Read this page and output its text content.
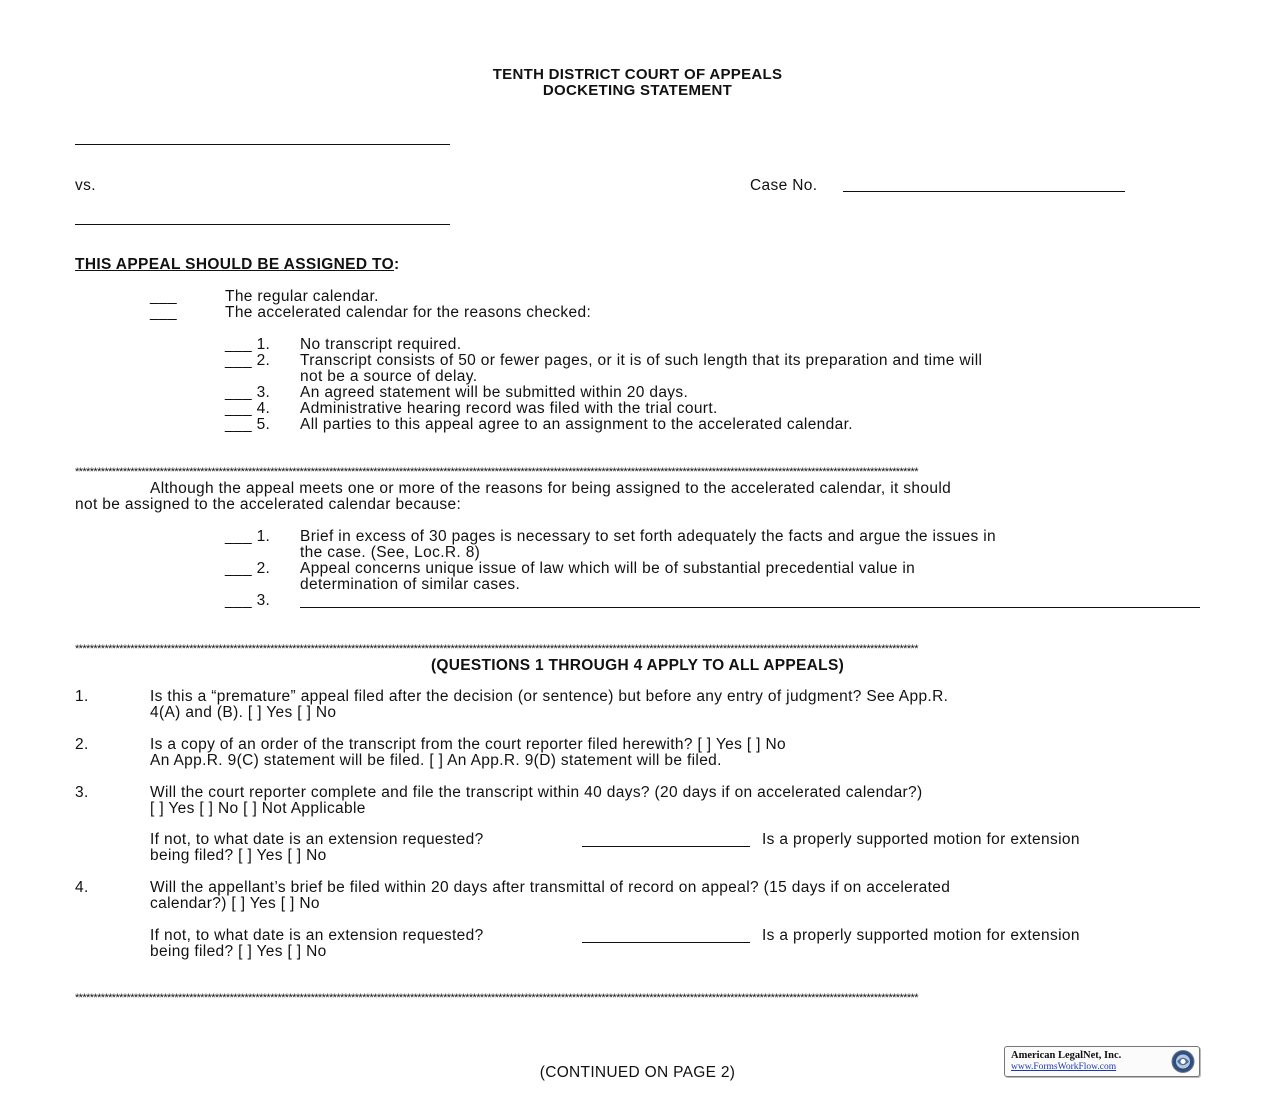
TENTH DISTRICT COURT OF APPEALS
DOCKETING STATEMENT
vs.	Case No.
THIS APPEAL SHOULD BE ASSIGNED TO:
___	The regular calendar.
___	The accelerated calendar for the reasons checked:
___ 1. No transcript required.
___ 2. Transcript consists of 50 or fewer pages, or it is of such length that its preparation and time will
not be a source of delay.
___ 3. An agreed statement will be submitted within 20 days.
___ 4. Administrative hearing record was filed with the trial court.
___ 5. All parties to this appeal agree to an assignment to the accelerated calendar.
*************************************************************************************************************************************************************************************************************************************
Although the appeal meets one or more of the reasons for being assigned to the accelerated calendar, it should
not be assigned to the accelerated calendar because:
___ 1. Brief in excess of 30 pages is necessary to set forth adequately the facts and argue the issues in
the case. (See, Loc.R. 8)
___ 2. Appeal concerns unique issue of law which will be of substantial precedential value in
determination of similar cases.
___ 3.
*************************************************************************************************************************************************************************************************************************************
(QUESTIONS 1 THROUGH 4 APPLY TO ALL APPEALS)
1.	Is this a “premature” appeal filed after the decision (or sentence) but before any entry of judgment? See App.R.
4(A) and (B). [ ] Yes [ ] No
2.	Is a copy of an order of the transcript from the court reporter filed herewith? [ ] Yes [ ] No
An App.R. 9(C) statement will be filed. [ ] An App.R. 9(D) statement will be filed.
3.	Will the court reporter complete and file the transcript within 40 days? (20 days if on accelerated calendar?)
[ ] Yes [ ] No [ ] Not Applicable
If not, to what date is an extension requested?	Is a properly supported motion for extension
being filed? [ ] Yes [ ] No
4.	Will the appellant’s brief be filed within 20 days after transmittal of record on appeal? (15 days if on accelerated
calendar?) [ ] Yes [ ] No
If not, to what date is an extension requested?	Is a properly supported motion for extension
being filed? [ ] Yes [ ] No
*************************************************************************************************************************************************************************************************************************************
(CONTINUED ON PAGE 2)
American LegalNet, Inc.
www.FormsWorkFlow.com
